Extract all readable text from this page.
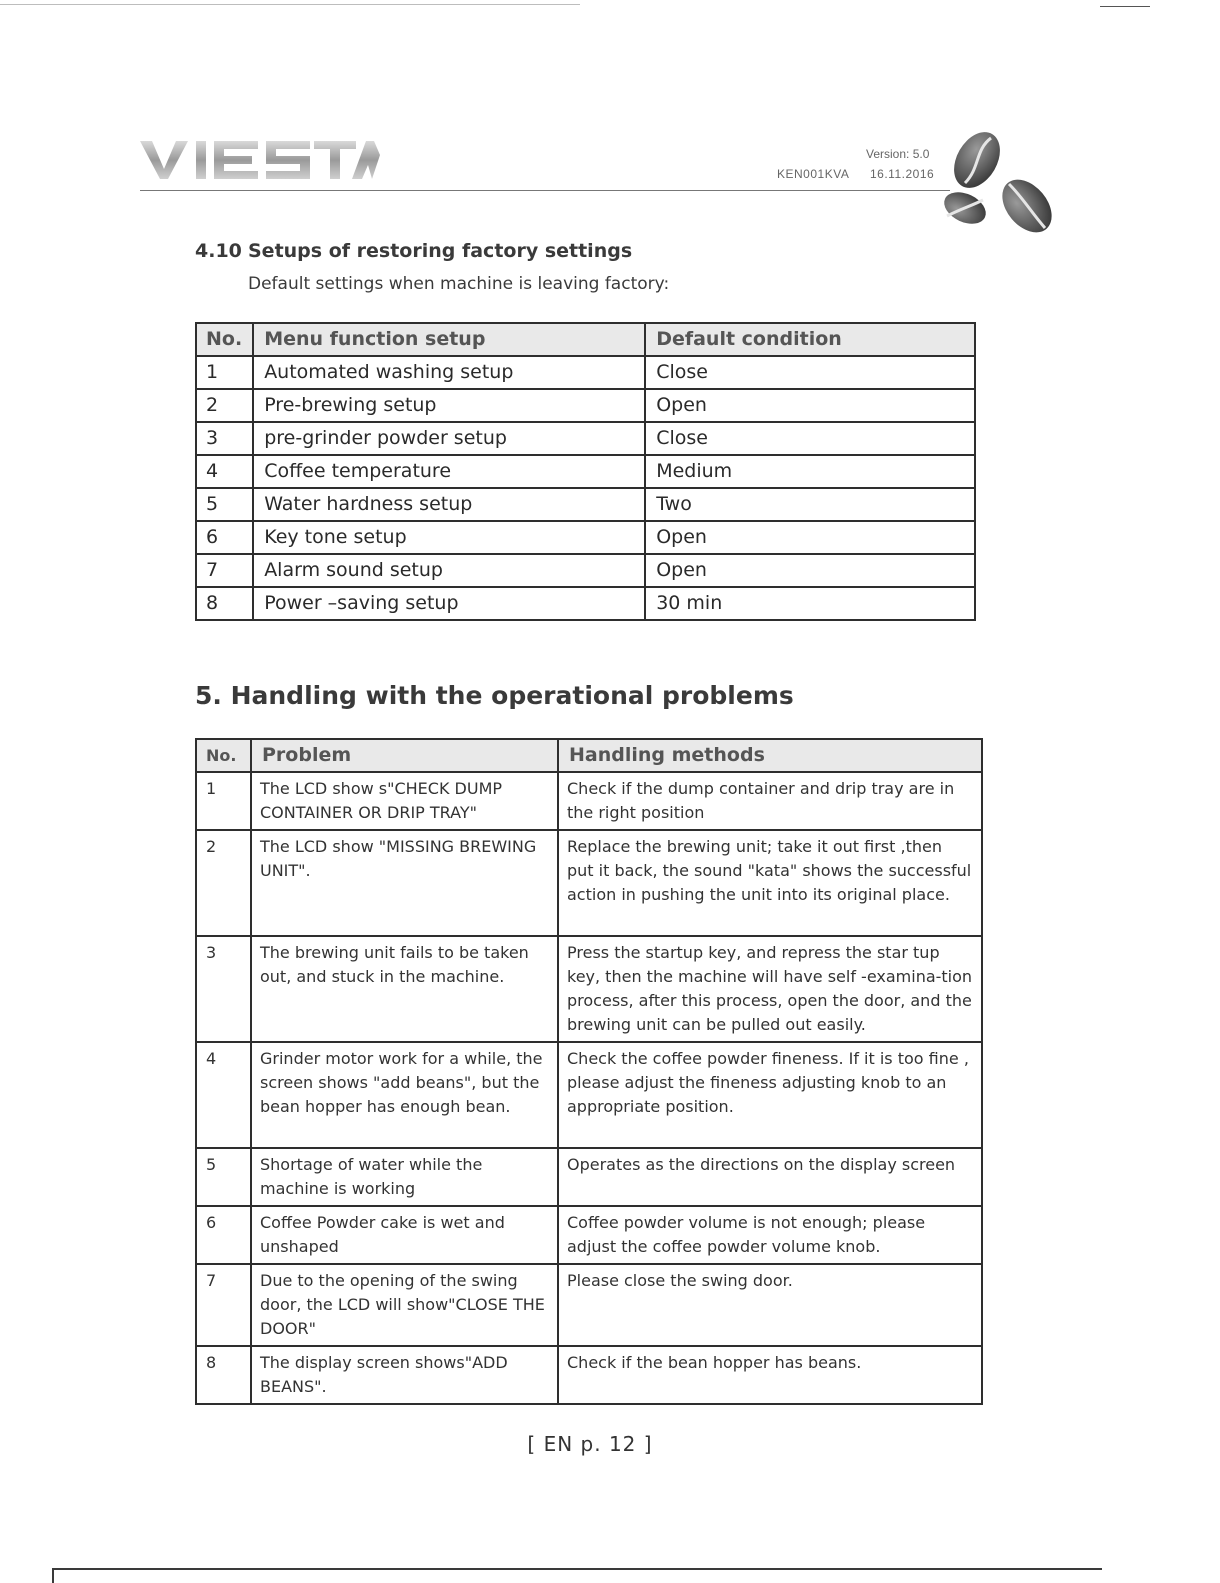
Version: 5.0
KEN001KVA 16.11.2016
4.10 Setups of restoring factory settings
Default settings when machine is leaving factory:
No.	Menu function setup	Default condition
1	Automated washing setup	Close
2	Pre-brewing setup	Open
3	pre-grinder powder setup	Close
4	Coffee temperature	Medium
5	Water hardness setup	Two
6	Key tone setup	Open
7	Alarm sound setup	Open
8	Power –saving setup	30 min
5. Handling with the operational problems
No.	Problem	Handling methods
1	The LCD show s"CHECK DUMP CONTAINER OR DRIP TRAY"	Check if the dump container and drip tray are in the right position
2	The LCD show "MISSING BREWING UNIT".	Replace the brewing unit; take it out first ,then put it back, the sound "kata" shows the successful action in pushing the unit into its original place.
3	The brewing unit fails to be taken out, and stuck in the machine.	Press the startup key, and repress the star tup key, then the machine will have self -examina-tion process, after this process, open the door, and the brewing unit can be pulled out easily.
4	Grinder motor work for a while, the screen shows "add beans", but the bean hopper has enough bean.	Check the coffee powder fineness. If it is too fine , please adjust the fineness adjusting knob to an appropriate position.
5	Shortage of water while the machine is working	Operates as the directions on the display screen
6	Coffee Powder cake is wet and unshaped	Coffee powder volume is not enough; please adjust the coffee powder volume knob.
7	Due to the opening of the swing door, the LCD will show"CLOSE THE DOOR"	Please close the swing door.
8	The display screen shows"ADD BEANS".	Check if the bean hopper has beans.
[ EN p. 12 ]
